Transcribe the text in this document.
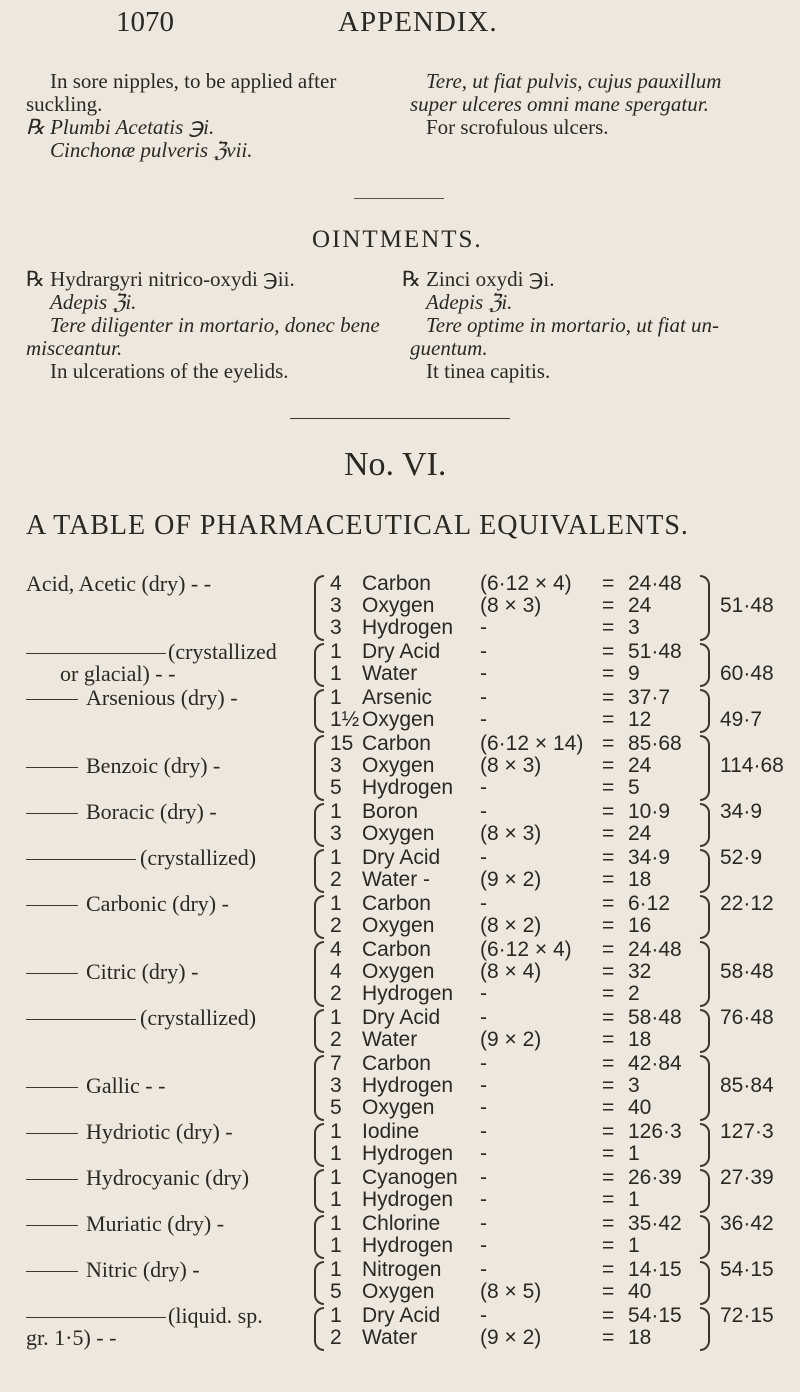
1070	APPENDIX.
In sore nipples, to be applied after
suckling.
℞ Plumbi Acetatis ℈i.
Cinchonæ pulveris ℨvii.
Tere, ut fiat pulvis, cujus pauxillum
super ulceres omni mane spergatur.
For scrofulous ulcers.
OINTMENTS.
℞ Hydrargyri nitrico-oxydi ℈ii.
Adepis ℨi.
Tere diligenter in mortario, donec bene
misceantur.
In ulcerations of the eyelids.
℞ Zinci oxydi ℈i.
Adepis ℨi.
Tere optime in mortario, ut fiat un-
guentum.
It tinea capitis.
No. VI.
A TABLE OF PHARMACEUTICAL EQUIVALENTS.
Acid, Acetic (dry) - -	4 Carbon (6·12 × 4) = 24·48
3 Oxygen (8 × 3)	= 24	51·48
3 Hydrogen -	= 3
(crystallized	1 Dry Acid -	= 51·48
or glacial) - -	1 Water	-	= 9	60·48
Arsenious (dry) -	1 Arsenic -	= 37·7
1½ Oxygen -	= 12	49·7
15 Carbon (6·12 × 14) = 85·68
Benzoic (dry) -	3 Oxygen (8 × 3)	= 24	114·68
5 Hydrogen -	= 5
Boracic (dry) -	1 Boron	-	= 10·9 34·9
3 Oxygen (8 × 3)	= 24
(crystallized)	1 Dry Acid -	= 34·9 52·9
2 Water - (9 × 2)	= 18
Carbonic (dry) -	1 Carbon -	= 6·12 22·12
2 Oxygen (8 × 2)	= 16
4 Carbon (6·12 × 4) = 24·48
Citric (dry) -	4 Oxygen (8 × 4)	= 32	58·48
2 Hydrogen -	= 2
(crystallized)	1 Dry Acid -	= 58·48 76·48
2 Water	(9 × 2)	= 18
7 Carbon -	= 42·84
Gallic - -	3 Hydrogen -	= 3	85·84
5 Oxygen -	= 40
Hydriotic (dry) -	1 Iodine	-	= 126·3 127·3
1 Hydrogen -	= 1
Hydrocyanic (dry)	1 Cyanogen -	= 26·39 27·39
1 Hydrogen -	= 1
Muriatic (dry) -	1 Chlorine -	= 35·42 36·42
1 Hydrogen -	= 1
Nitric (dry) -	1 Nitrogen -	= 14·15 54·15
5 Oxygen (8 × 5)	= 40
(liquid. sp.	1 Dry Acid -	= 54·15 72·15
gr. 1·5) - -	2 Water	(9 × 2)	= 18
